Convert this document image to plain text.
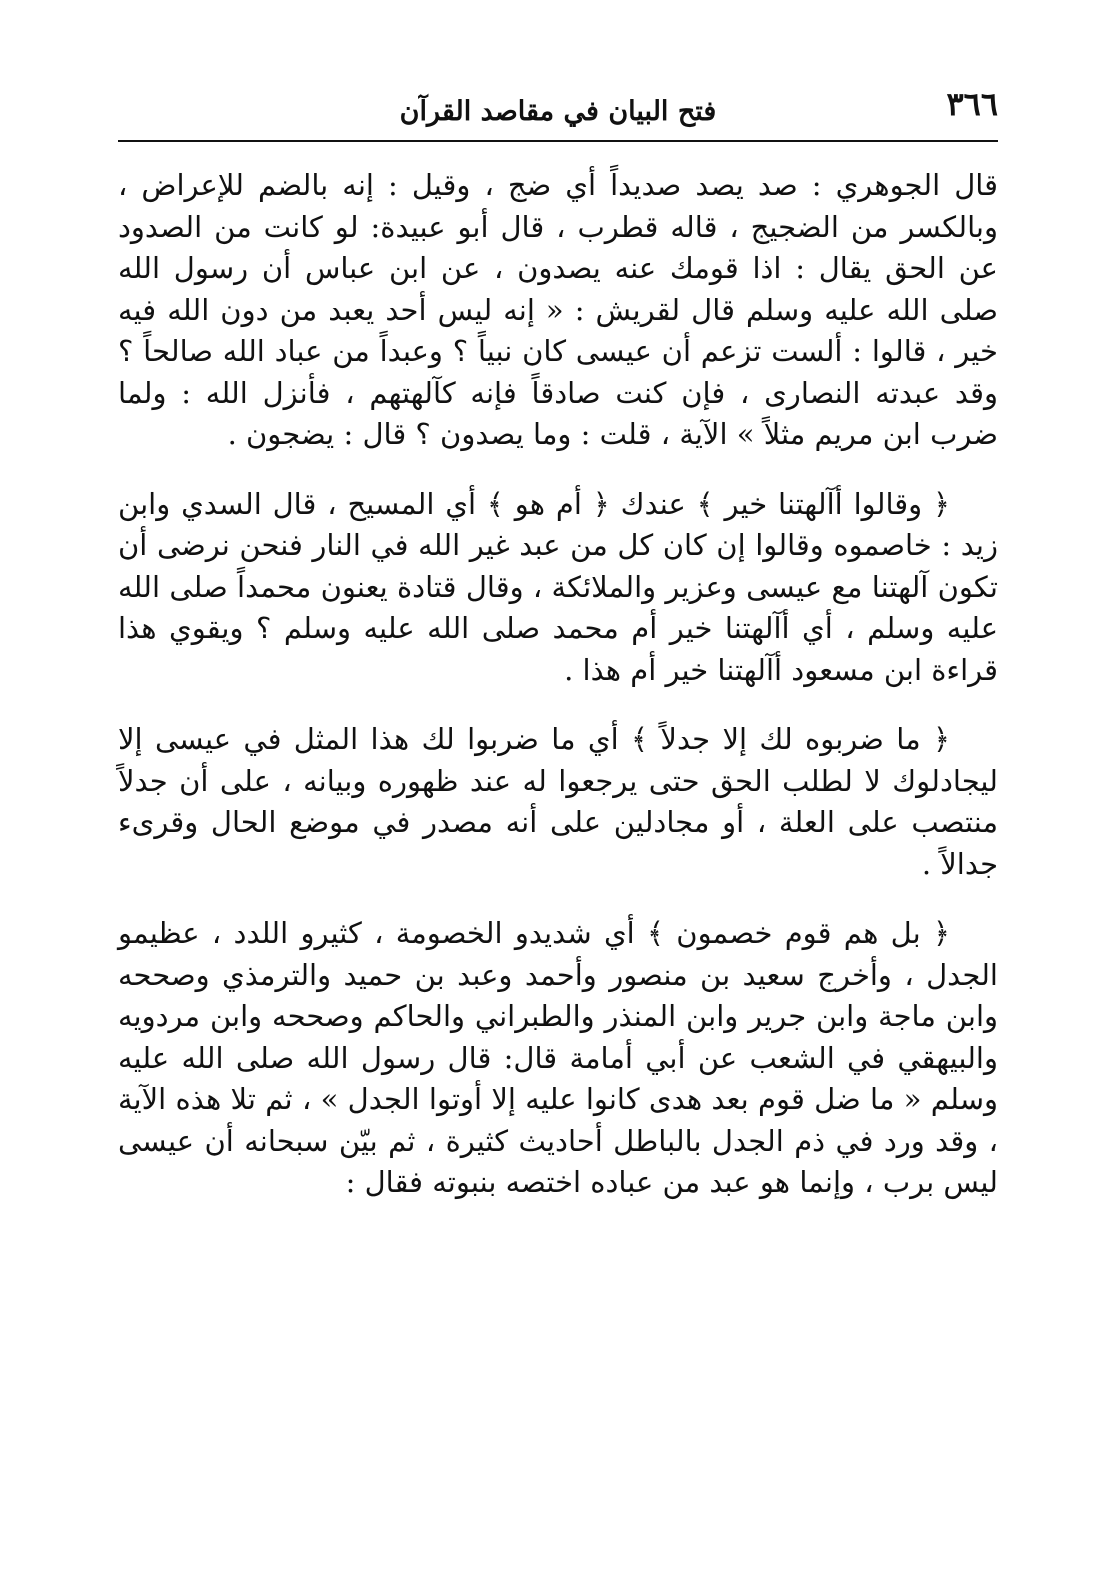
٣٦٦
فتح البيان في مقاصد القرآن

قال الجوهري : صد يصد صديداً أي ضج ، وقيل : إنه بالضم للإعراض ، وبالكسر من الضجيج ، قاله قطرب ، قال أبو عبيدة: لو كانت من الصدود عن الحق يقال : اذا قومك عنه يصدون ، عن ابن عباس أن رسول الله صلى الله عليه وسلم قال لقريش : « إنه ليس أحد يعبد من دون الله فيه خير ، قالوا : ألست تزعم أن عيسى كان نبياً ؟ وعبداً من عباد الله صالحاً ؟ وقد عبدته النصارى ، فإن كنت صادقاً فإنه كآلهتهم ، فأنزل الله : ولما ضرب ابن مريم مثلاً » الآية ، قلت : وما يصدون ؟ قال : يضجون .

﴿ وقالوا أآلهتنا خير ﴾ عندك ﴿ أم هو ﴾ أي المسيح ، قال السدي وابن زيد : خاصموه وقالوا إن كان كل من عبد غير الله في النار فنحن نرضى أن تكون آلهتنا مع عيسى وعزير والملائكة ، وقال قتادة يعنون محمداً صلى الله عليه وسلم ، أي أآلهتنا خير أم محمد صلى الله عليه وسلم ؟ ويقوي هذا قراءة ابن مسعود أآلهتنا خير أم هذا .

﴿ ما ضربوه لك إلا جدلاً ﴾ أي ما ضربوا لك هذا المثل في عيسى إلا ليجادلوك لا لطلب الحق حتى يرجعوا له عند ظهوره وبيانه ، على أن جدلاً منتصب على العلة ، أو مجادلين على أنه مصدر في موضع الحال وقرىء جدالاً .

﴿ بل هم قوم خصمون ﴾ أي شديدو الخصومة ، كثيرو اللدد ، عظيمو الجدل ، وأخرج سعيد بن منصور وأحمد وعبد بن حميد والترمذي وصححه وابن ماجة وابن جرير وابن المنذر والطبراني والحاكم وصححه وابن مردويه والبيهقي في الشعب عن أبي أمامة قال: قال رسول الله صلى الله عليه وسلم « ما ضل قوم بعد هدى كانوا عليه إلا أوتوا الجدل » ، ثم تلا هذه الآية ، وقد ورد في ذم الجدل بالباطل أحاديث كثيرة ، ثم بيّن سبحانه أن عيسى ليس برب ، وإنما هو عبد من عباده اختصه بنبوته فقال :
